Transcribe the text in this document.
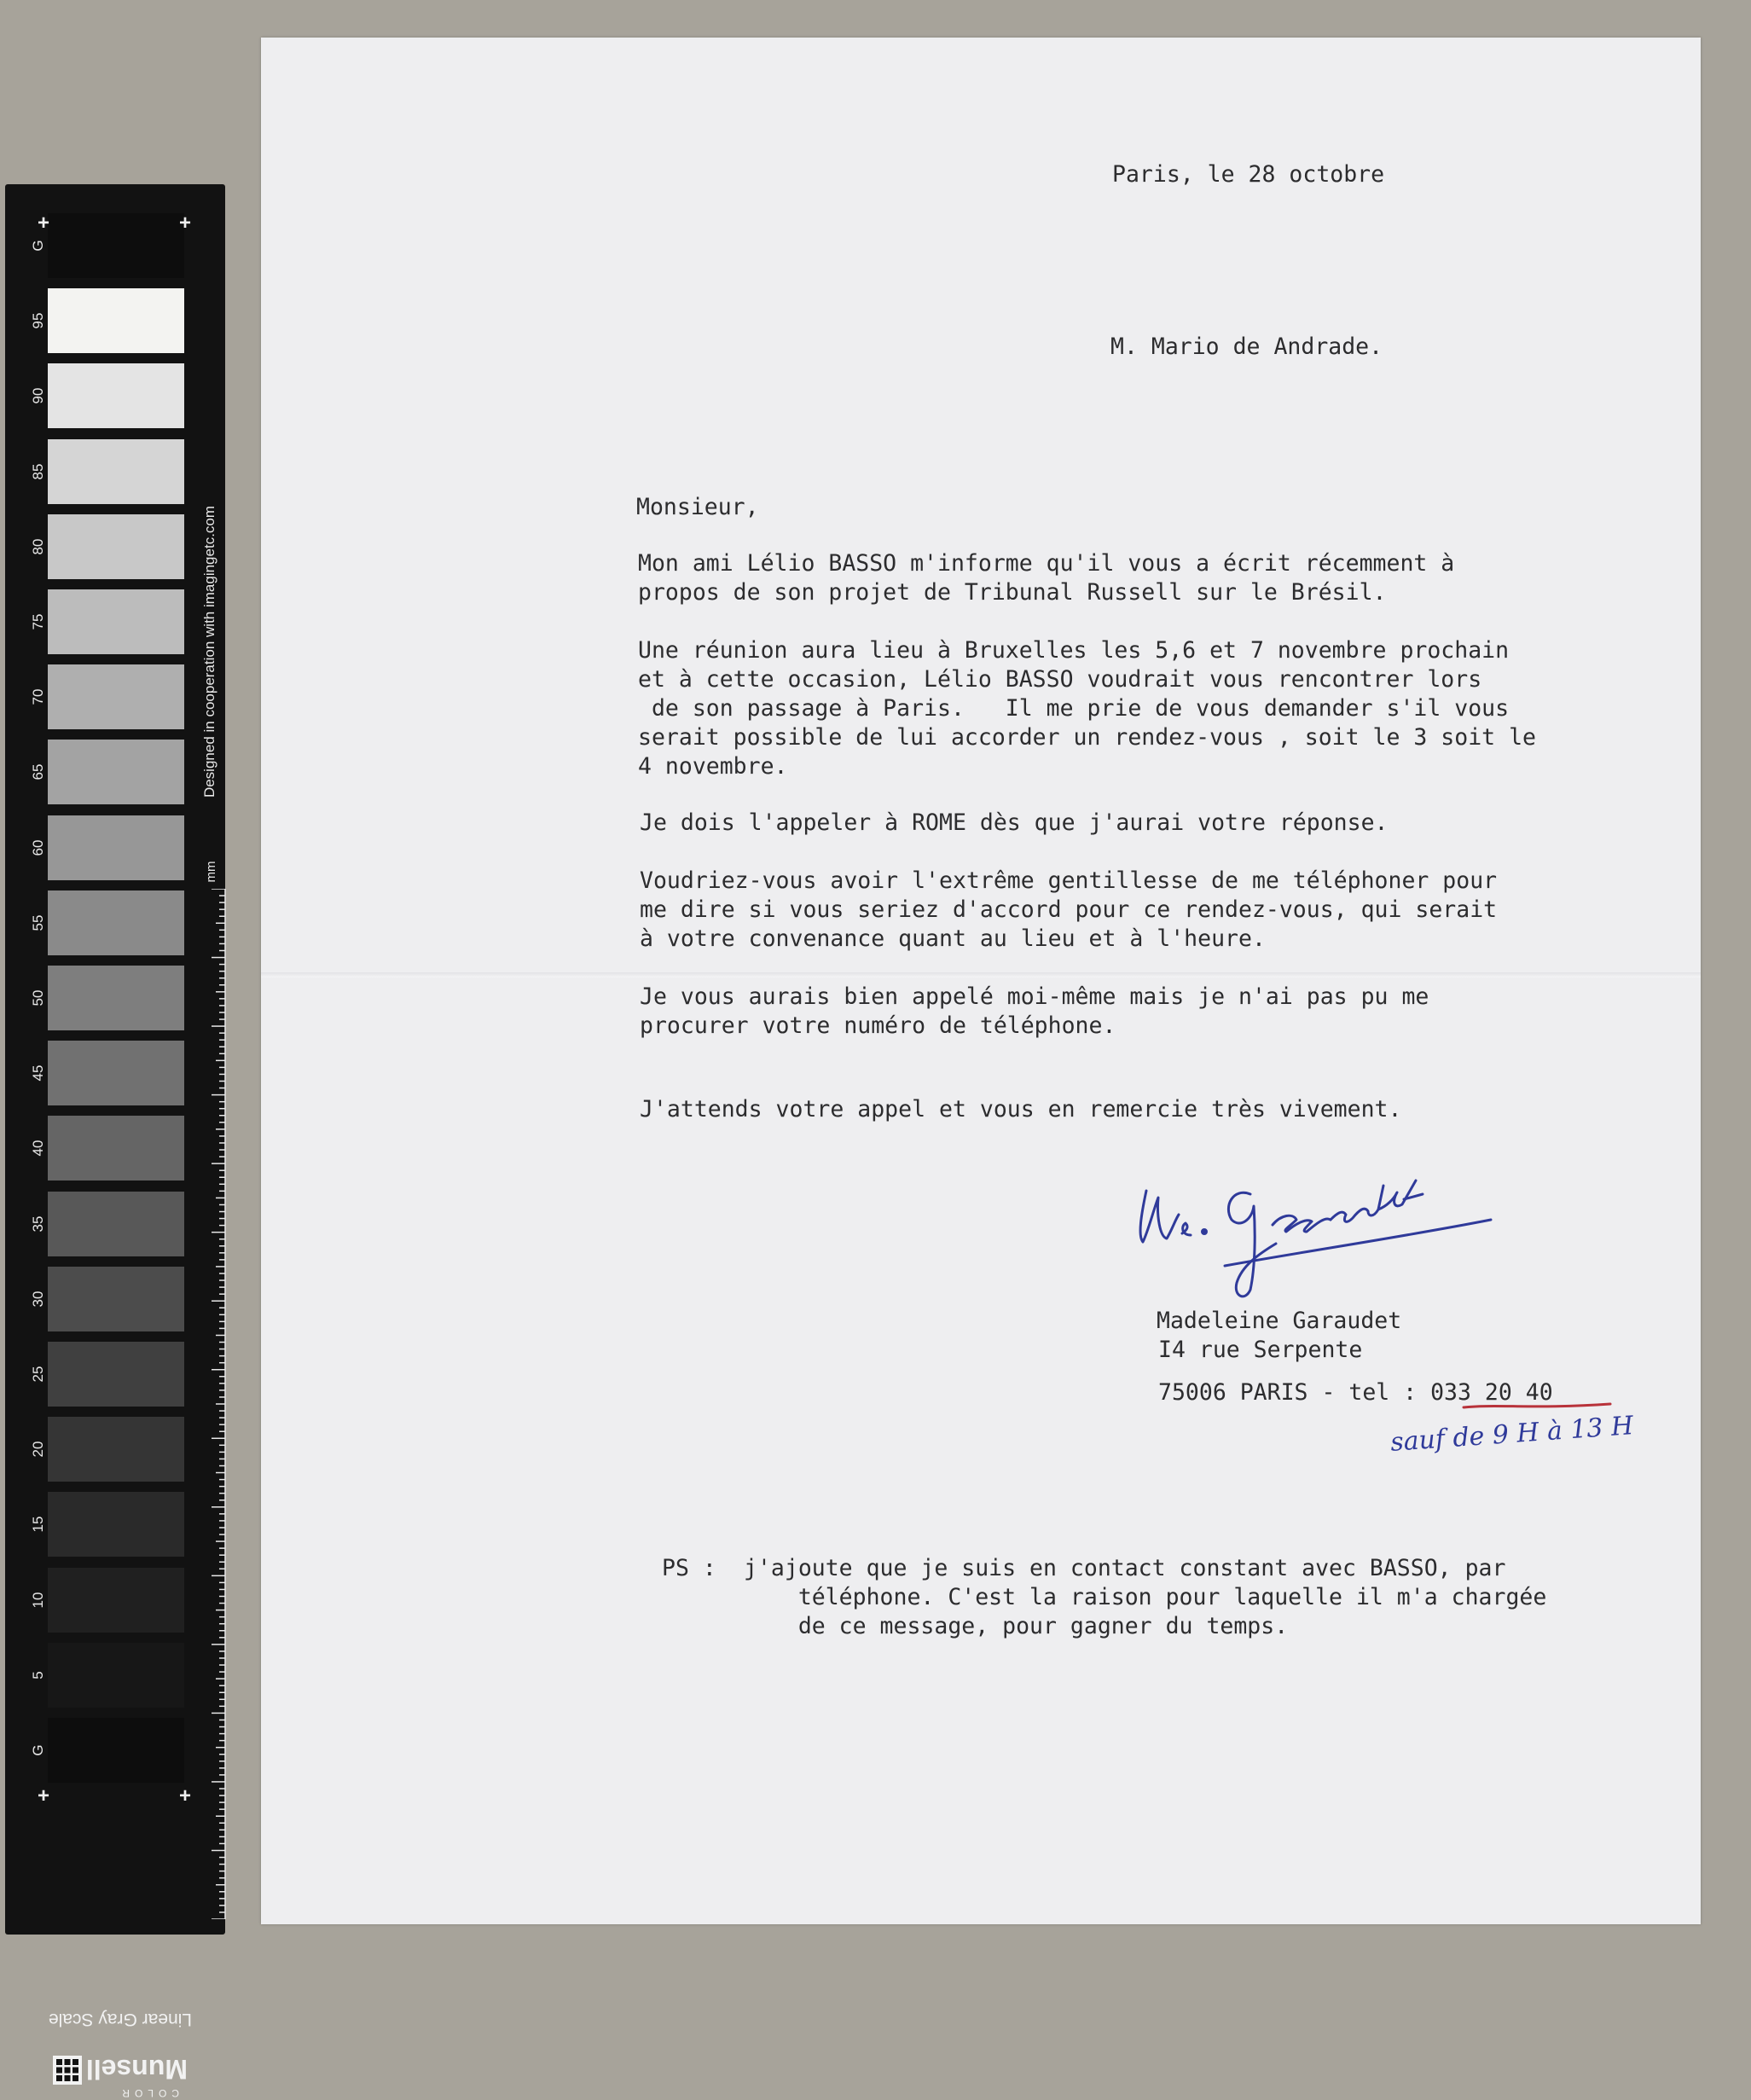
G
95
90
85
80
75
70
65
60
55
50
45
40
35
30
25
20
15
10
5
G
Designed in cooperation with imagingetc.com
mm
Linear Gray Scale
COLOR
Munsell
+	+
+	+
Paris, le 28 octobre
M. Mario de Andrade.
Monsieur,
Mon ami Lélio BASSO m'informe qu'il vous a écrit récemment à
propos de son projet de Tribunal Russell sur le Brésil.
Une réunion aura lieu à Bruxelles les 5,6 et 7 novembre prochain
et à cette occasion, Lélio BASSO voudrait vous rencontrer lors
de son passage à Paris.   Il me prie de vous demander s'il vous
serait possible de lui accorder un rendez-vous , soit le 3 soit le
4 novembre.
Je dois l'appeler à ROME dès que j'aurai votre réponse.
Voudriez-vous avoir l'extrême gentillesse de me téléphoner pour
me dire si vous seriez d'accord pour ce rendez-vous, qui serait
à votre convenance quant au lieu et à l'heure.
Je vous aurais bien appelé moi-même mais je n'ai pas pu me
procurer votre numéro de téléphone.
J'attends votre appel et vous en remercie très vivement.
Madeleine Garaudet
I4 rue Serpente
75006 PARIS - tel : 033 20 40
sauf de 9 H à 13 H
PS : j'ajoute que je suis en contact constant avec BASSO, par
téléphone. C'est la raison pour laquelle il m'a chargée
de ce message, pour gagner du temps.
